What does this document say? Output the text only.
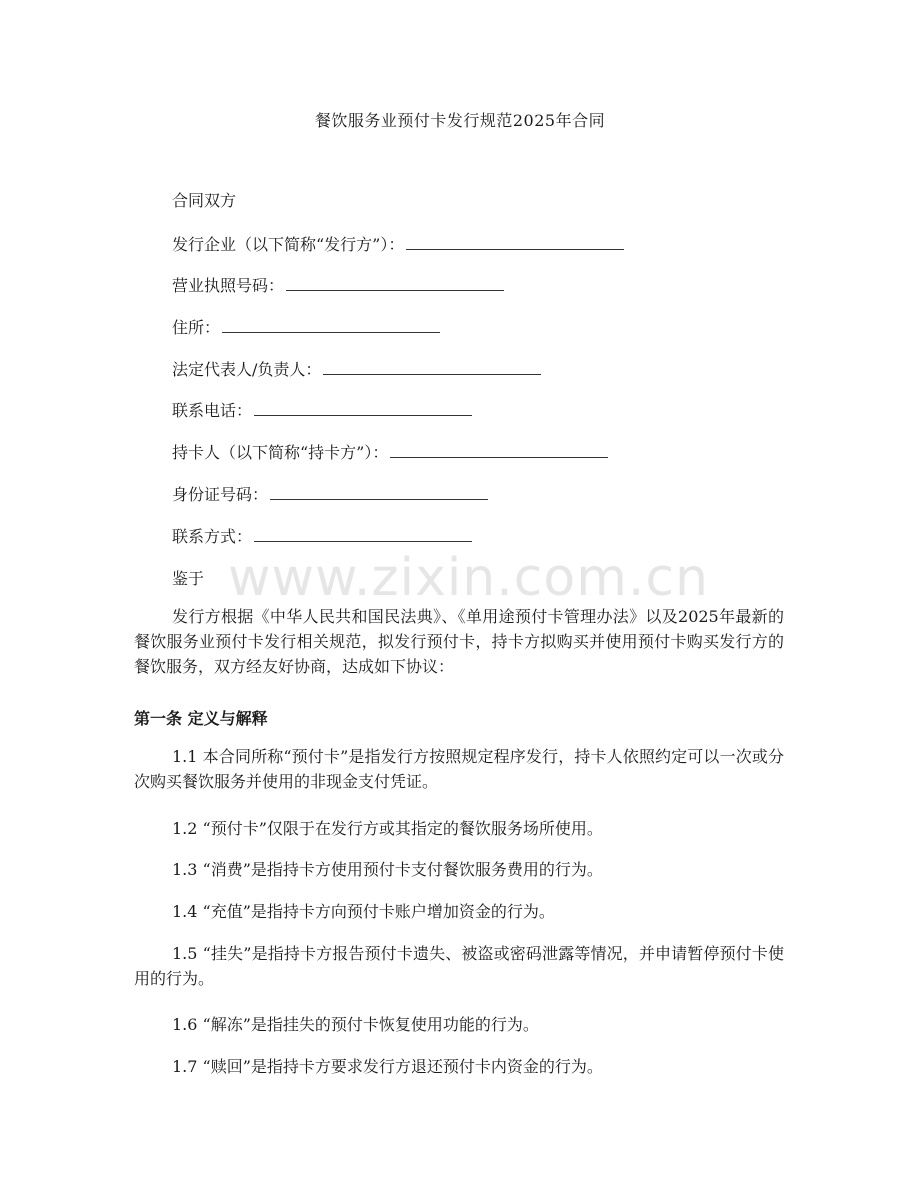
www.zixin.com.cn
餐饮服务业预付卡发行规范2025年合同
合同双方
发行企业（以下简称“发行方”）：
营业执照号码：
住所：
法定代表人/负责人：
联系电话：
持卡人（以下简称“持卡方”）：
身份证号码：
联系方式：
鉴于
发行方根据《中华人民共和国民法典》、《单用途预付卡管理办法》以及2025年最新的餐饮服务业预付卡发行相关规范，拟发行预付卡，持卡方拟购买并使用预付卡购买发行方的餐饮服务，双方经友好协商，达成如下协议：
第一条 定义与解释
1.1 本合同所称“预付卡”是指发行方按照规定程序发行，持卡人依照约定可以一次或分次购买餐饮服务并使用的非现金支付凭证。
1.2 “预付卡”仅限于在发行方或其指定的餐饮服务场所使用。
1.3 “消费”是指持卡方使用预付卡支付餐饮服务费用的行为。
1.4 “充值”是指持卡方向预付卡账户增加资金的行为。
1.5 “挂失”是指持卡方报告预付卡遗失、被盗或密码泄露等情况，并申请暂停预付卡使用的行为。
1.6 “解冻”是指挂失的预付卡恢复使用功能的行为。
1.7 “赎回”是指持卡方要求发行方退还预付卡内资金的行为。
